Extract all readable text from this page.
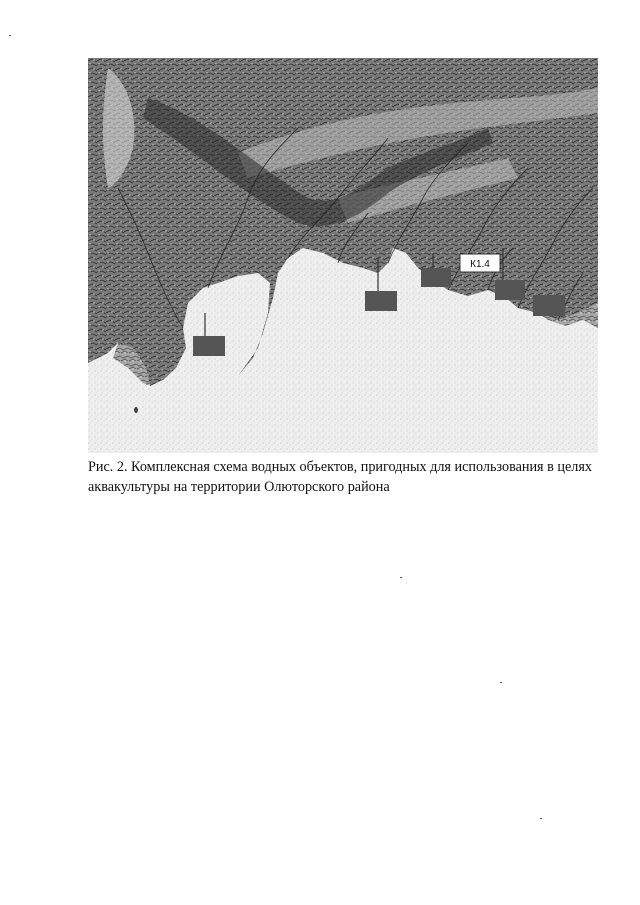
К1.4
Рис. 2. Комплексная схема водных объектов, пригодных для использования в целях аквакультуры на территории Олюторского района
